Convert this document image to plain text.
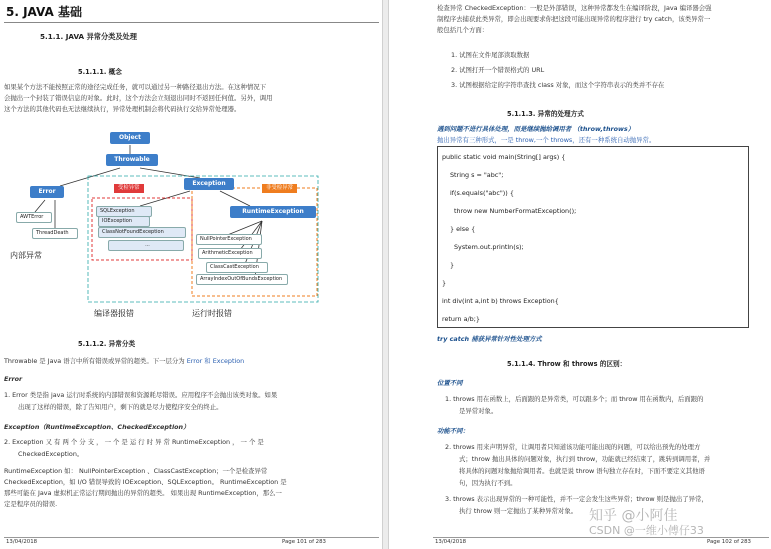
5. JAVA 基础
5.1.1. JAVA 异常分类及处理
5.1.1.1. 概念
如果某个方法不能按照正常的途径完成任务，就可以通过另一种路径退出方法。在这种情况下
会抛出一个封装了错误信息的对象。此时，这个方法会立刻退出同时不返回任何值。另外，调用
这个方法的其他代码也无法继续执行，异常处理机制会将代码执行交给异常处理器。
Object
Throwable
Error
Exception
AWTError
ThreadDeath
受检异常	非受检异常
SQLException
IOException
ClassNotFoundException
...
RuntimeException
NullPointerException
ArithmeticException
ClassCastException
ArrayIndexOutOfBundsException
内部异常
编译器报错	运行时报错
5.1.1.2. 异常分类
Throwable 是 Java 语言中所有错误或异常的超类。下一层分为 Error 和 Exception
Error
1. Error 类是指 java 运行时系统的内部错误和资源耗尽错误。应用程序不会抛出该类对象。如果
出现了这样的错误，除了告知用户，剩下的就是尽力使程序安全的终止。
Exception（RuntimeException、CheckedException）
2. Exception 又 有 两 个 分 支 ， 一 个 是 运 行 时 异 常 RuntimeException ， 一 个 是
CheckedException。
RuntimeException 如： NullPointerException 、ClassCastException；一个是检查异常
CheckedException，如 I/O 错误导致的 IOException、SQLException。 RuntimeException 是
那些可能在 Java 虚拟机正常运行期间抛出的异常的超类。 如果出现 RuntimeException，那么一
定是程序员的错误.
13/04/2018	Page 101 of 283
检查异常 CheckedException：一般是外部错误，这种异常都发生在编译阶段，Java 编译器会强
制程序去捕获此类异常，即会出现要求你把这段可能出现异常的程序进行 try catch，该类异常一
般包括几个方面：
1. 试图在文件尾部读取数据
2. 试图打开一个错误格式的 URL
3. 试图根据给定的字符串查找 class 对象，而这个字符串表示的类并不存在
5.1.1.3. 异常的处理方式
遇到问题不进行具体处理，而是继续抛给调用者 （throw,throws）
抛出异常有三种形式，一是 throw,一个 throws，还有一种系统自动抛异常。
public static void main(String[] args) {
String s = "abc";
if(s.equals("abc")) {
throw new NumberFormatException();
} else {
System.out.println(s);
}
}
int div(int a,int b) throws Exception{
return a/b;}
try catch 捕获异常针对性处理方式
5.1.1.4. Throw 和 throws 的区别：
位置不同
1. throws 用在函数上，后面跟的是异常类，可以跟多个；而 throw 用在函数内，后面跟的
是异常对象。
功能不同：
2. throws 用来声明异常，让调用者只知道该功能可能出现的问题，可以给出预先的处理方
式；throw 抛出具体的问题对象，执行到 throw，功能就已经结束了，跳转到调用者，并
将具体的问题对象抛给调用者。也就是说 throw 语句独立存在时，下面不要定义其他语
句，因为执行不到。
3. throws 表示出现异常的一种可能性，并不一定会发生这些异常；throw 则是抛出了异常，
执行 throw 则一定抛出了某种异常对象。 知乎 @小阿佳
CSDN @一维小傅仔33
13/04/2018	Page 102 of 283
